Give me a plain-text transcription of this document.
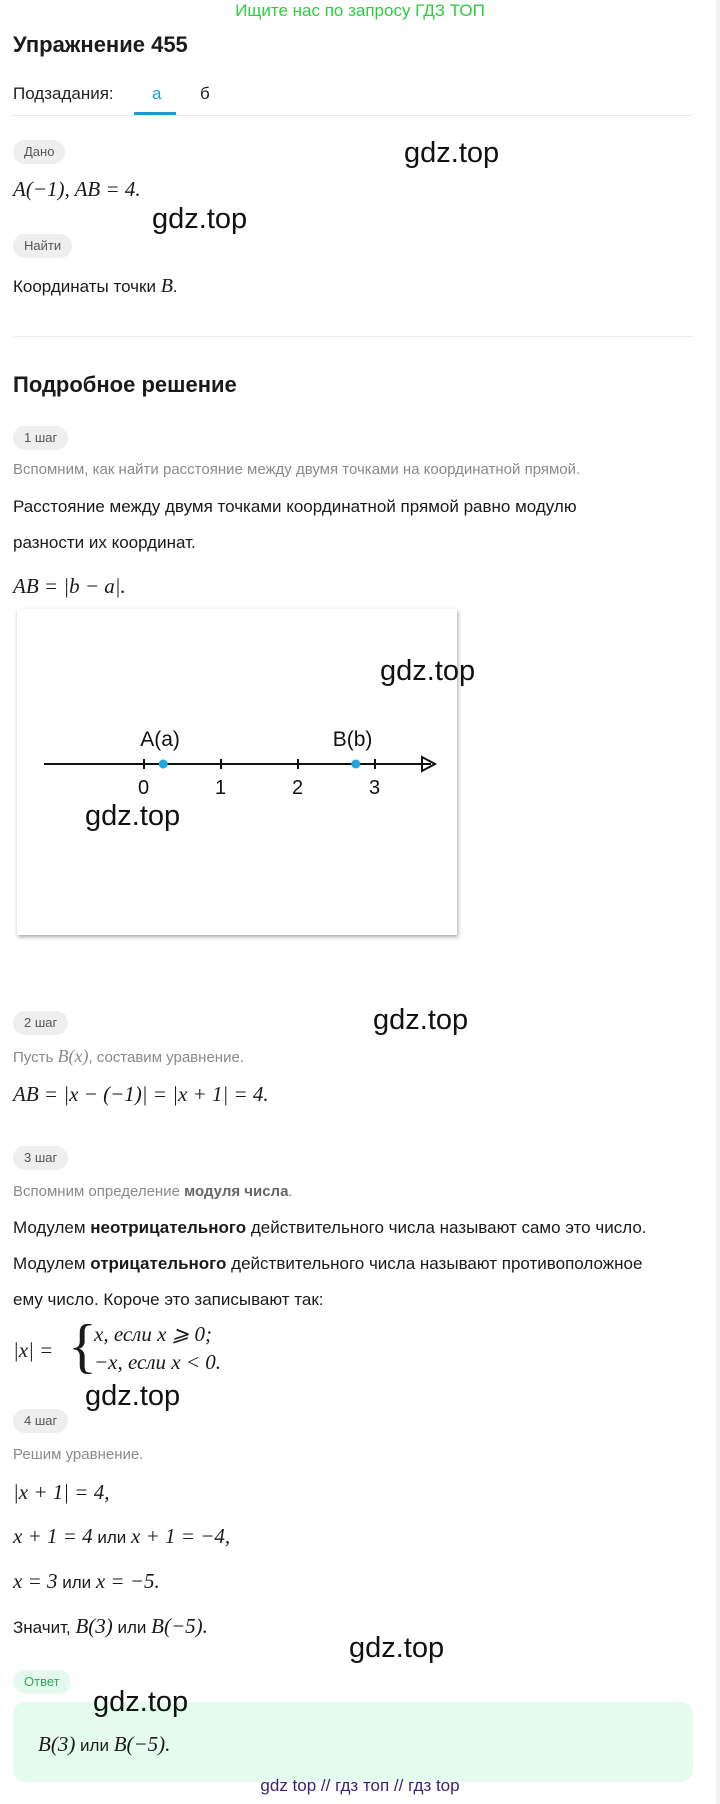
Ищите нас по запросу ГДЗ ТОП
Упражнение 455
Подзадания: а б
Дано
A(−1), AB = 4.
Найти
Координаты точки B.
Подробное решение
1 шаг
Вспомним, как найти расстояние между двумя точками на координатной прямой.
Расстояние между двумя точками координатной прямой равно модулю
разности их координат.
AB = |b − a|.
0	1	2	3
A(a)	B(b)
2 шаг
Пусть B(x), составим уравнение.
AB = |x − (−1)| = |x + 1| = 4.
3 шаг
Вспомним определение модуля числа.
Модулем неотрицательного действительного числа называют само это число.
Модулем отрицательного действительного числа называют противоположное
ему число. Короче это записывают так:
|x| = {
x, если x ⩾ 0;
−x, если x < 0.
4 шаг
Решим уравнение.
|x + 1| = 4,
x + 1 = 4 или x + 1 = −4,
x = 3 или x = −5.
Значит, B(3) или B(−5).
Ответ
B(3) или B(−5).
gdz.top
gdz.top
gdz.top
gdz.top
gdz.top
gdz.top
gdz.top
gdz.top
gdz top // гдз топ // гдз top
